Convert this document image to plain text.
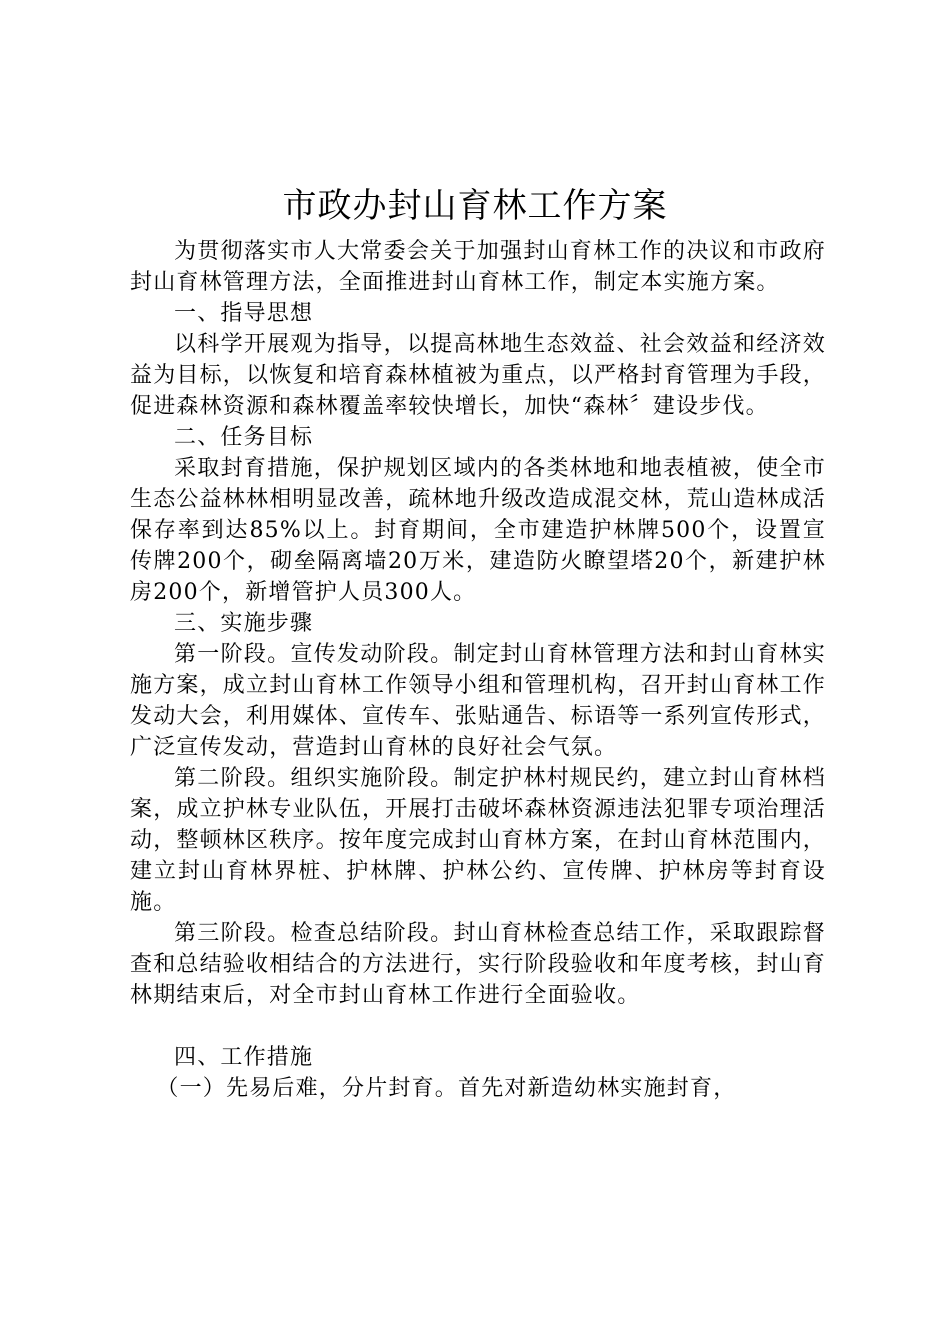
市政办封山育林工作方案

为贯彻落实市人大常委会关于加强封山育林工作的决议和市政府封山育林管理方法，全面推进封山育林工作，制定本实施方案。

一、指导思想

以科学开展观为指导，以提高林地生态效益、社会效益和经济效益为目标，以恢复和培育森林植被为重点，以严格封育管理为手段，促进森林资源和森林覆盖率较快增长，加快“森林〞建设步伐。

二、任务目标

采取封育措施，保护规划区域内的各类林地和地表植被，使全市生态公益林林相明显改善，疏林地升级改造成混交林，荒山造林成活保存率到达85%以上。封育期间，全市建造护林牌500个，设置宣传牌200个，砌垒隔离墙20万米，建造防火瞭望塔20个，新建护林房200个，新增管护人员300人。

三、实施步骤

第一阶段。宣传发动阶段。制定封山育林管理方法和封山育林实施方案，成立封山育林工作领导小组和管理机构，召开封山育林工作发动大会，利用媒体、宣传车、张贴通告、标语等一系列宣传形式，广泛宣传发动，营造封山育林的良好社会气氛。

第二阶段。组织实施阶段。制定护林村规民约，建立封山育林档案，成立护林专业队伍，开展打击破坏森林资源违法犯罪专项治理活动，整顿林区秩序。按年度完成封山育林方案，在封山育林范围内，建立封山育林界桩、护林牌、护林公约、宣传牌、护林房等封育设施。

第三阶段。检查总结阶段。封山育林检查总结工作，采取跟踪督查和总结验收相结合的方法进行，实行阶段验收和年度考核，封山育林期结束后，对全市封山育林工作进行全面验收。

四、工作措施

（一）先易后难，分片封育。首先对新造幼林实施封育，
